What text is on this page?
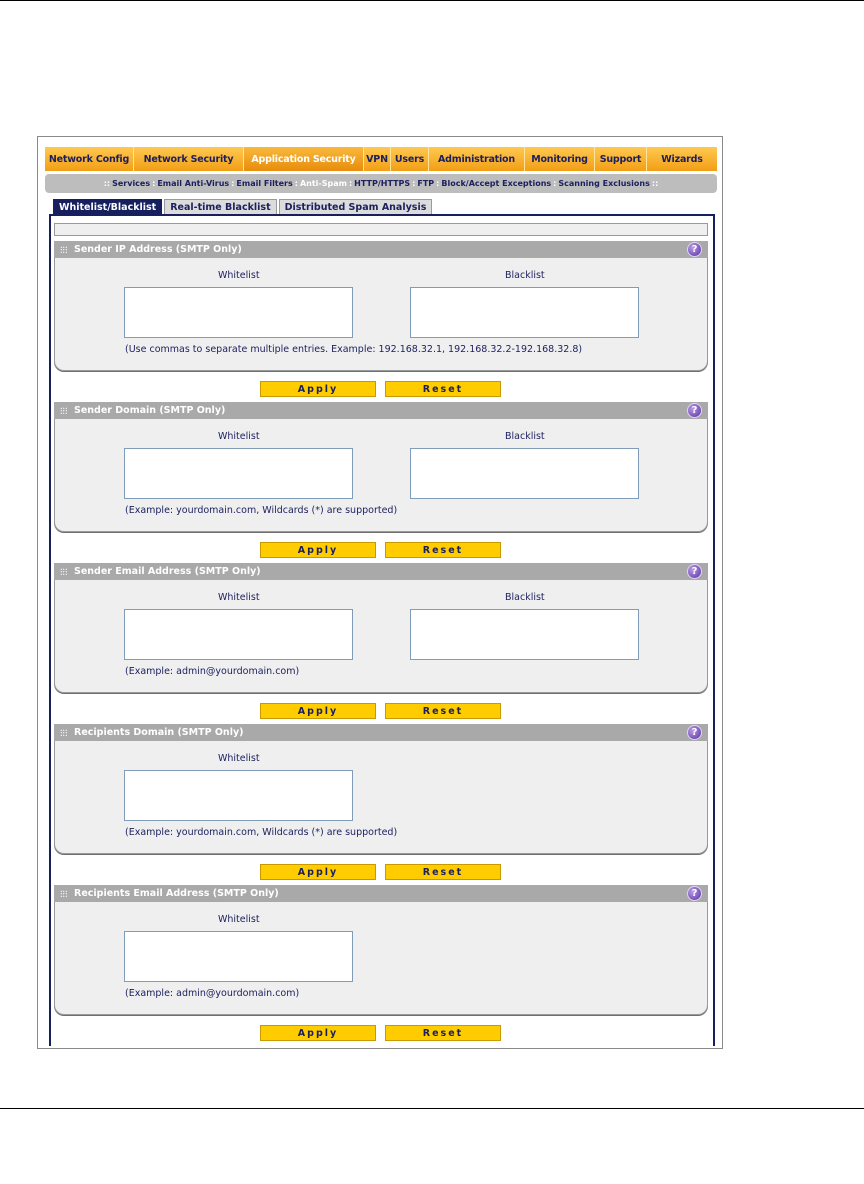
Network Config	Network Security	Application Security	VPN Users	Administration	Monitoring	Support	Wizards
:: Services : Email Anti-Virus : Email Filters : Anti-Spam : HTTP/HTTPS : FTP : Block/Accept Exceptions : Scanning Exclusions ::
Whitelist/Blacklist	Real-time Blacklist	Distributed Spam Analysis
Sender IP Address (SMTP Only)	?
Whitelist	Blacklist
(Use commas to separate multiple entries. Example: 192.168.32.1, 192.168.32.2-192.168.32.8)
Apply	Reset
Sender Domain (SMTP Only)	?
Whitelist	Blacklist
(Example: yourdomain.com, Wildcards (*) are supported)
Apply	Reset
Sender Email Address (SMTP Only)	?
Whitelist	Blacklist
(Example: admin@yourdomain.com)
Apply	Reset
Recipients Domain (SMTP Only)	?
Whitelist
(Example: yourdomain.com, Wildcards (*) are supported)
Apply	Reset
Recipients Email Address (SMTP Only)	?
Whitelist
(Example: admin@yourdomain.com)
Apply	Reset
